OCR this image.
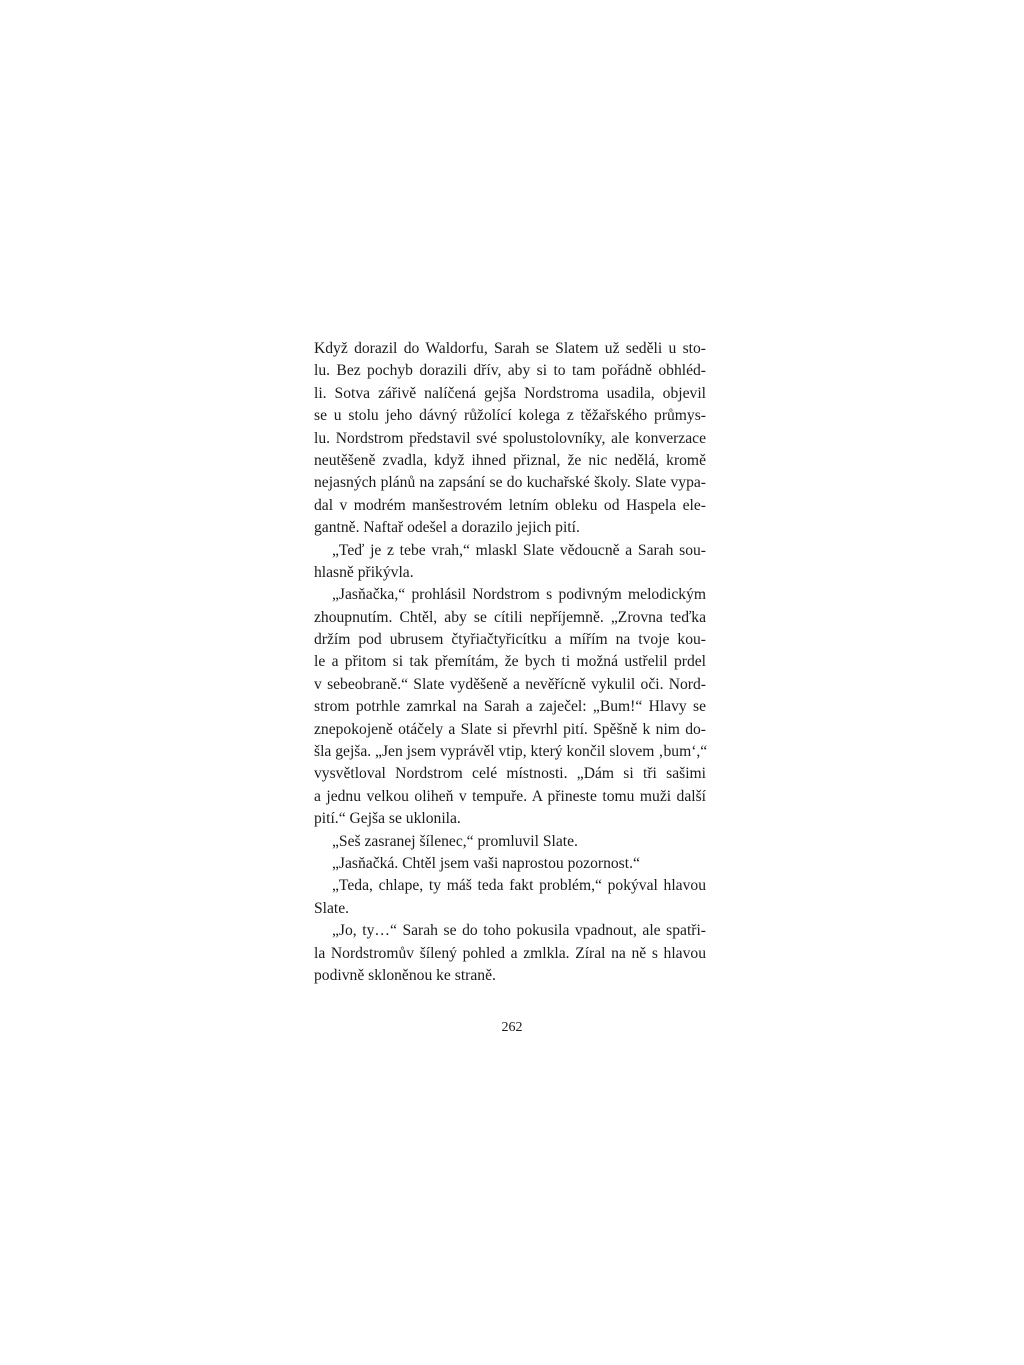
Když dorazil do Waldorfu, Sarah se Slatem už seděli u sto-
lu. Bez pochyb dorazili dřív, aby si to tam pořádně obhléd-
li. Sotva zářivě nalíčená gejša Nordstroma usadila, objevil
se u stolu jeho dávný růžolící kolega z těžařského průmys-
lu. Nordstrom představil své spolustolovníky, ale konverzace
neutěšeně zvadla, když ihned přiznal, že nic nedělá, kromě
nejasných plánů na zapsání se do kuchařské školy. Slate vypa-
dal v modrém manšestrovém letním obleku od Haspela ele-
gantně. Naftař odešel a dorazilo jejich pití.
„Teď je z tebe vrah,“ mlaskl Slate vědoucně a Sarah sou-
hlasně přikývla.
„Jasňačka,“ prohlásil Nordstrom s podivným melodickým
zhoupnutím. Chtěl, aby se cítili nepříjemně. „Zrovna teďka
držím pod ubrusem čtyřiačtyřicítku a mířím na tvoje kou-
le a přitom si tak přemítám, že bych ti možná ustřelil prdel
v sebeobraně.“ Slate vyděšeně a nevěřícně vykulil oči. Nord-
strom potrhle zamrkal na Sarah a zaječel: „Bum!“ Hlavy se
znepokojeně otáčely a Slate si převrhl pití. Spěšně k nim do-
šla gejša. „Jen jsem vyprávěl vtip, který končil slovem ‚bum‘,“
vysvětloval Nordstrom celé místnosti. „Dám si tři sašimi
a jednu velkou oliheň v tempuře. A přineste tomu muži další
pití.“ Gejša se uklonila.
„Seš zasranej šílenec,“ promluvil Slate.
„Jasňačká. Chtěl jsem vaši naprostou pozornost.“
„Teda, chlape, ty máš teda fakt problém,“ pokýval hlavou
Slate.
„Jo, ty…“ Sarah se do toho pokusila vpadnout, ale spatři-
la Nordstromův šílený pohled a zmlkla. Zíral na ně s hlavou
podivně skloněnou ke straně.
262
